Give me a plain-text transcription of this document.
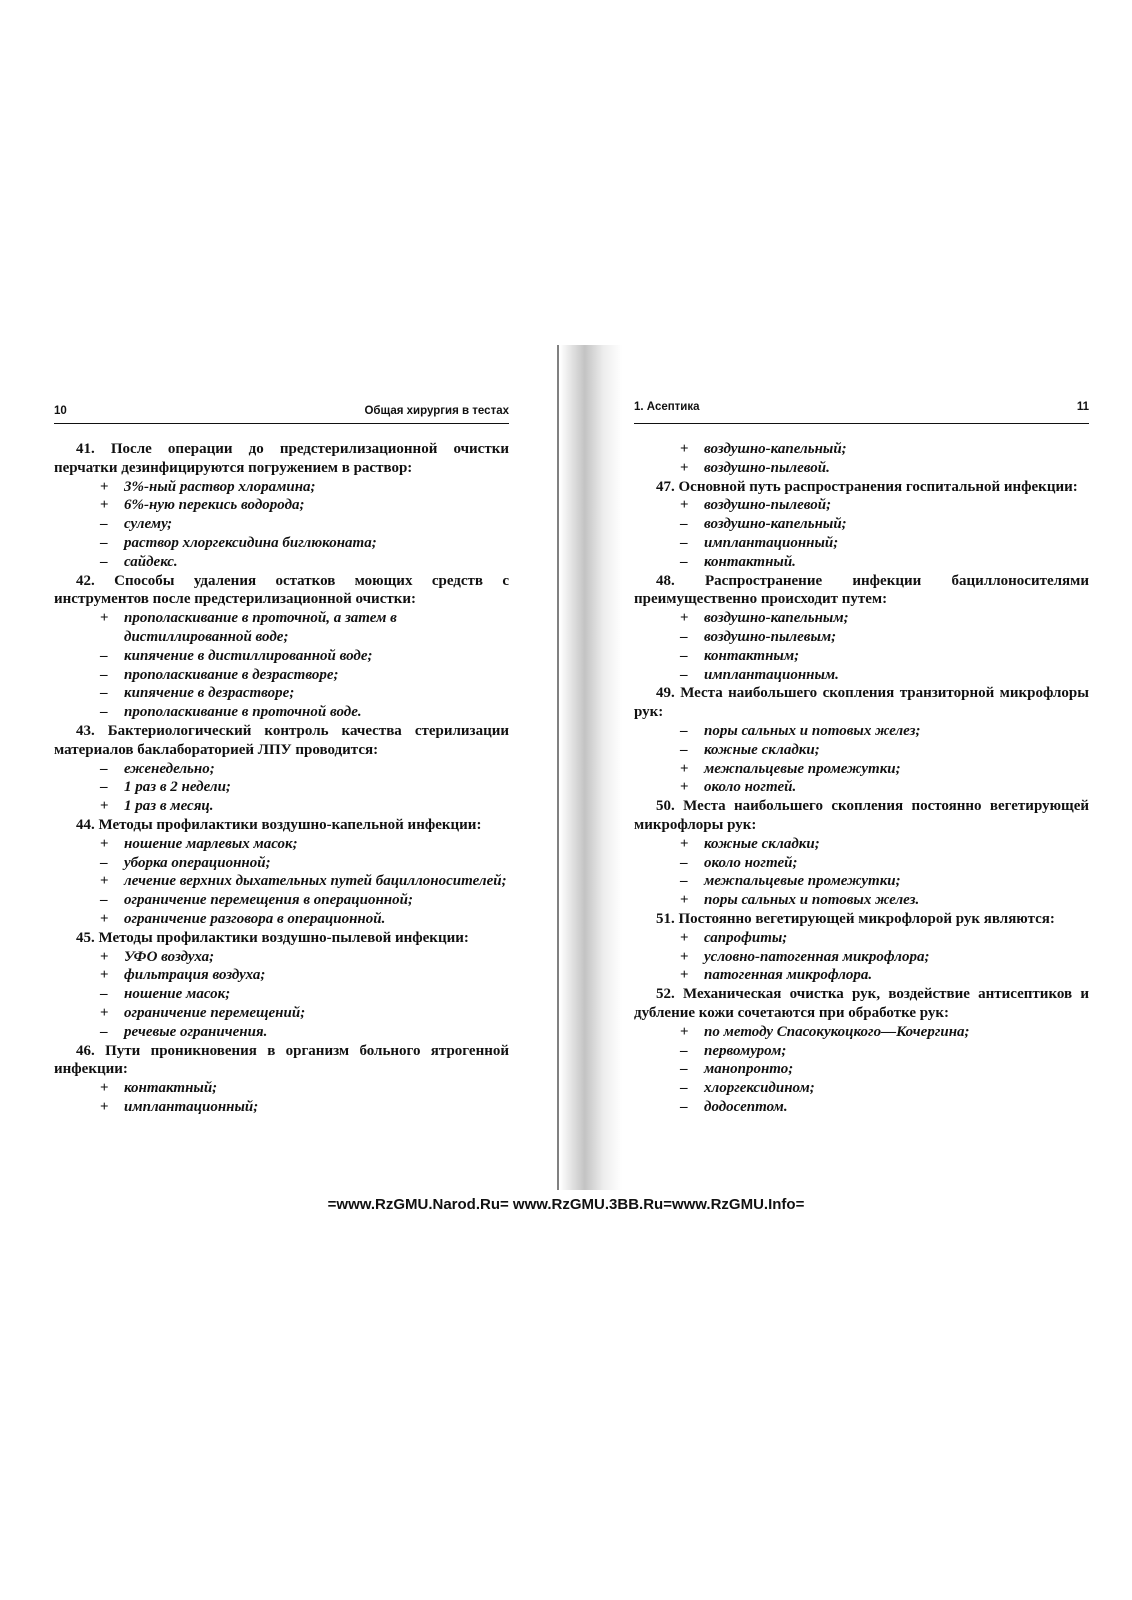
10	Общая хирургия в тестах

41. После операции до предстерилизационной очистки перчатки дезинфицируются погружением в раствор:

+ 3%-ный раствор хлорамина;

+ 6%-ную перекись водорода;

– сулему;

– раствор хлоргексидина биглюконата;

– сайдекс.

42. Способы удаления остатков моющих средств с инструментов после предстерилизационной очистки:

+ прополаскивание в проточной, а затем в дистиллированной воде;

– кипячение в дистиллированной воде;

– прополаскивание в дезрастворе;

– кипячение в дезрастворе;

– прополаскивание в проточной воде.

43. Бактериологический контроль качества стерилизации материалов баклабораторией ЛПУ проводится:

– еженедельно;

– 1 раз в 2 недели;

+ 1 раз в месяц.

44. Методы профилактики воздушно-капельной инфекции:

+ ношение марлевых масок;

– уборка операционной;

+ лечение верхних дыхательных путей бациллоносителей;

– ограничение перемещения в операционной;

+ ограничение разговора в операционной.

45. Методы профилактики воздушно-пылевой инфекции:

+ УФО воздуха;

+ фильтрация воздуха;

– ношение масок;

+ ограничение перемещений;

– речевые ограничения.

46. Пути проникновения в организм больного ятрогенной инфекции:

+ контактный;

+ имплантационный;

1. Асептика	11

+ воздушно-капельный;

+ воздушно-пылевой.

47. Основной путь распространения госпитальной инфекции:

+ воздушно-пылевой;

– воздушно-капельный;

– имплантационный;

– контактный.

48. Распространение инфекции бациллоносителями преимущественно происходит путем:

+ воздушно-капельным;

– воздушно-пылевым;

– контактным;

– имплантационным.

49. Места наибольшего скопления транзиторной микрофлоры рук:

– поры сальных и потовых желез;

– кожные складки;

+ межпальцевые промежутки;

+ около ногтей.

50. Места наибольшего скопления постоянно вегетирующей микрофлоры рук:

+ кожные складки;

– около ногтей;

– межпальцевые промежутки;

+ поры сальных и потовых желез.

51. Постоянно вегетирующей микрофлорой рук являются:

+ сапрофиты;

+ условно-патогенная микрофлора;

+ патогенная микрофлора.

52. Механическая очистка рук, воздействие антисептиков и дубление кожи сочетаются при обработке рук:

+ по методу Спасокукоцкого—Кочергина;

– первомуром;

– манопронто;

– хлоргексидином;

– додосептом.

=www.RzGMU.Narod.Ru= www.RzGMU.3BB.Ru=www.RzGMU.Info=
